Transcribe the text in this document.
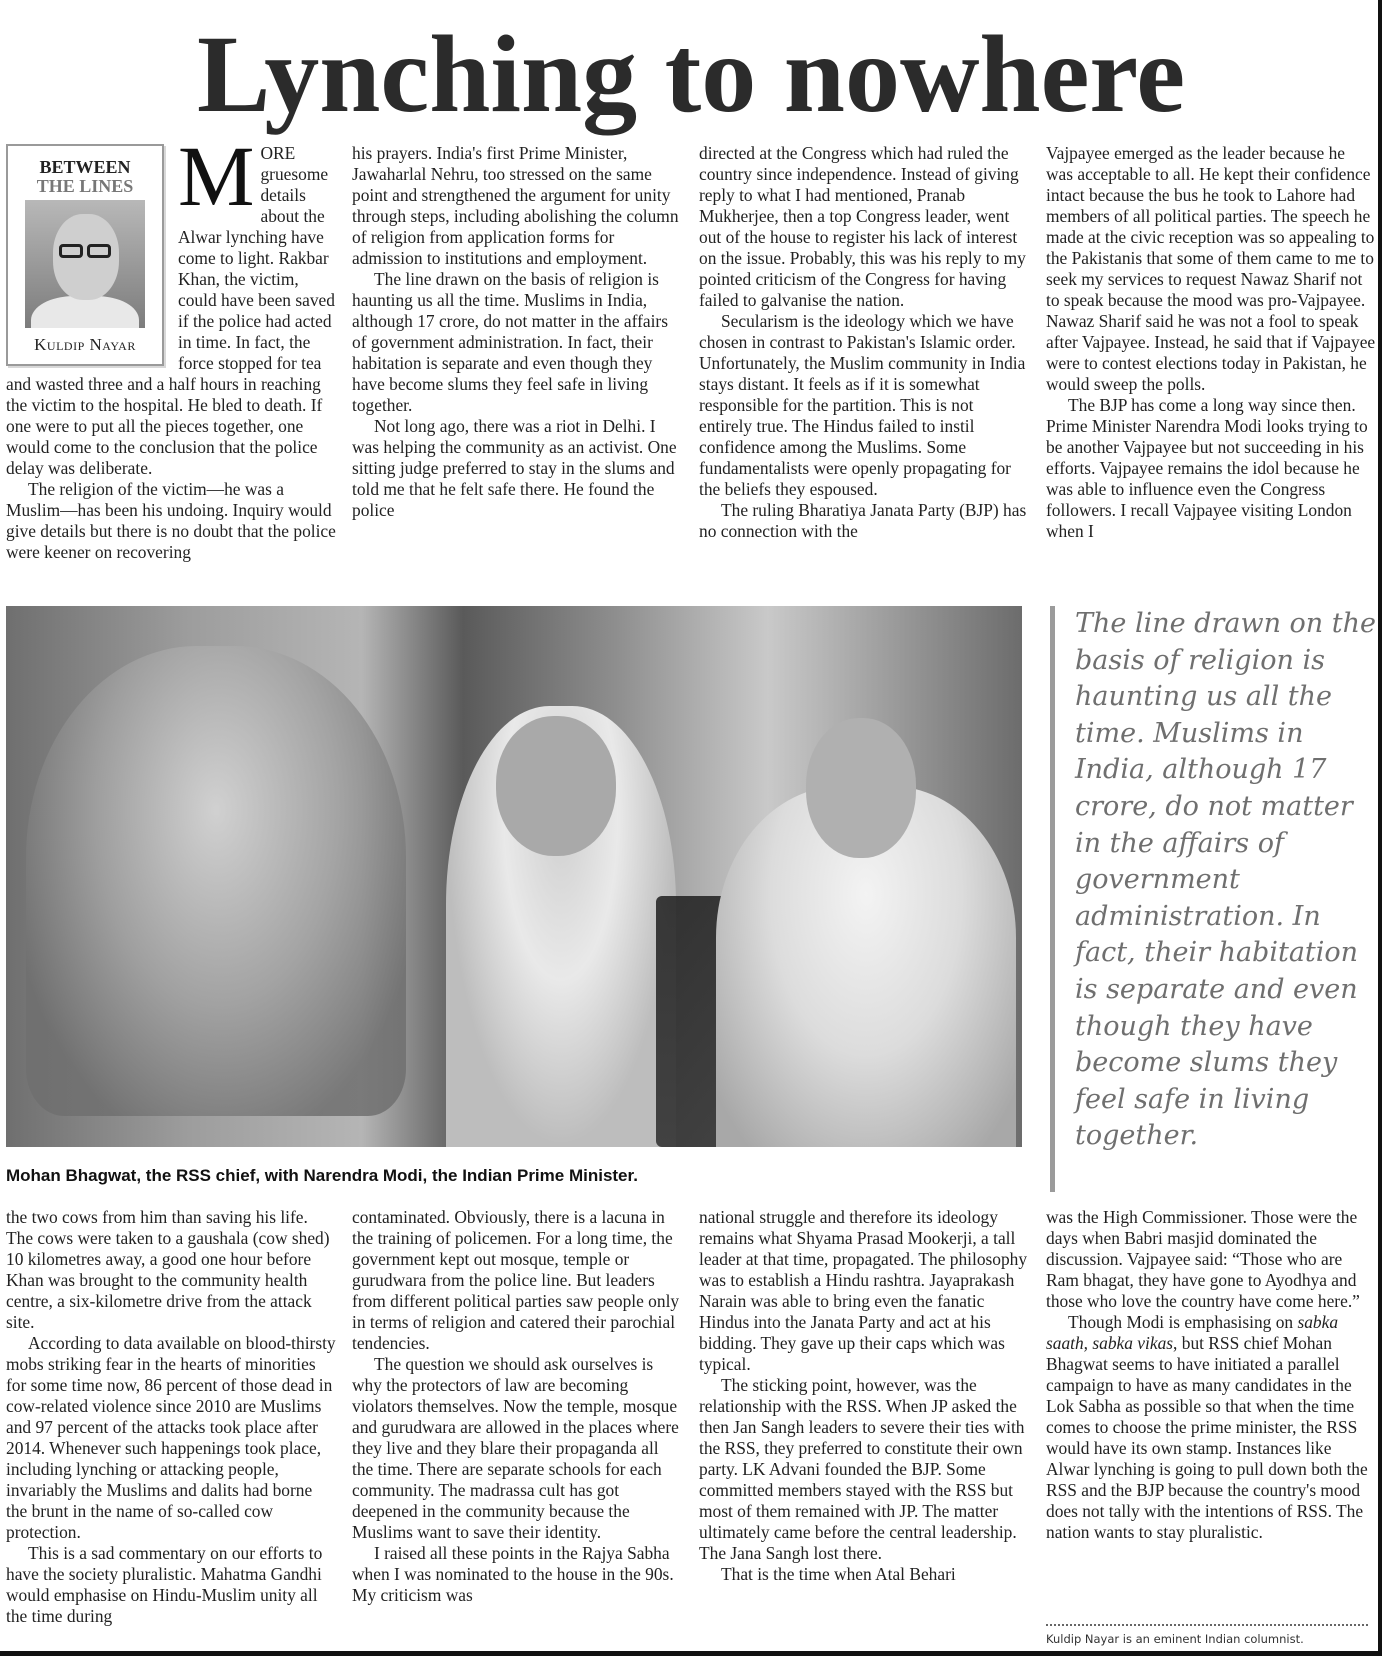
Lynching to nowhere
BETWEEN
THE LINES
Kuldip Nayar
M ORE gruesome details about the Alwar lynching have come to light. Rakbar Khan, the victim, could have been saved if the police had acted in time. In fact, the force stopped for tea and wasted three and a half hours in reaching the victim to the hospital. He bled to death. If one were to put all the pieces together, one would come to the conclusion that the police delay was deliberate.

The religion of the victim—he was a Muslim—has been his undoing. Inquiry would give details but there is no doubt that the police were keener on recovering

his prayers. India's first Prime Minister, Jawaharlal Nehru, too stressed on the same point and strengthened the argument for unity through steps, including abolishing the column of religion from application forms for admission to institutions and employment.

The line drawn on the basis of religion is haunting us all the time. Muslims in India, although 17 crore, do not matter in the affairs of government administration. In fact, their habitation is separate and even though they have become slums they feel safe in living together.

Not long ago, there was a riot in Delhi. I was helping the community as an activist. One sitting judge preferred to stay in the slums and told me that he felt safe there. He found the police

directed at the Congress which had ruled the country since independence. Instead of giving reply to what I had mentioned, Pranab Mukherjee, then a top Congress leader, went out of the house to register his lack of interest on the issue. Probably, this was his reply to my pointed criticism of the Congress for having failed to galvanise the nation.

Secularism is the ideology which we have chosen in contrast to Pakistan's Islamic order. Unfortunately, the Muslim community in India stays distant. It feels as if it is somewhat responsible for the partition. This is not entirely true. The Hindus failed to instil confidence among the Muslims. Some fundamentalists were openly propagating for the beliefs they espoused.

The ruling Bharatiya Janata Party (BJP) has no connection with the

Vajpayee emerged as the leader because he was acceptable to all. He kept their confidence intact because the bus he took to Lahore had members of all political parties. The speech he made at the civic reception was so appealing to the Pakistanis that some of them came to me to seek my services to request Nawaz Sharif not to speak because the mood was pro-Vajpayee. Nawaz Sharif said he was not a fool to speak after Vajpayee. Instead, he said that if Vajpayee were to contest elections today in Pakistan, he would sweep the polls.

The BJP has come a long way since then. Prime Minister Narendra Modi looks trying to be another Vajpayee but not succeeding in his efforts. Vajpayee remains the idol because he was able to influence even the Congress followers. I recall Vajpayee visiting London when I

Mohan Bhagwat, the RSS chief, with Narendra Modi, the Indian Prime Minister.
The line drawn on the basis of religion is haunting us all the time. Muslims in India, although 17 crore, do not matter in the affairs of government administration. In fact, their habitation is separate and even though they have become slums they feel safe in living together.

the two cows from him than saving his life. The cows were taken to a gaushala (cow shed) 10 kilometres away, a good one hour before Khan was brought to the community health centre, a six-kilometre drive from the attack site.

According to data available on blood-thirsty mobs striking fear in the hearts of minorities for some time now, 86 percent of those dead in cow-related violence since 2010 are Muslims and 97 percent of the attacks took place after 2014. Whenever such happenings took place, including lynching or attacking people, invariably the Muslims and dalits had borne the brunt in the name of so-called cow protection.

This is a sad commentary on our efforts to have the society pluralistic. Mahatma Gandhi would emphasise on Hindu-Muslim unity all the time during

contaminated. Obviously, there is a lacuna in the training of policemen. For a long time, the government kept out mosque, temple or gurudwara from the police line. But leaders from different political parties saw people only in terms of religion and catered their parochial tendencies.

The question we should ask ourselves is why the protectors of law are becoming violators themselves. Now the temple, mosque and gurudwara are allowed in the places where they live and they blare their propaganda all the time. There are separate schools for each community. The madrassa cult has got deepened in the community because the Muslims want to save their identity.

I raised all these points in the Rajya Sabha when I was nominated to the house in the 90s. My criticism was

national struggle and therefore its ideology remains what Shyama Prasad Mookerji, a tall leader at that time, propagated. The philosophy was to establish a Hindu rashtra. Jayaprakash Narain was able to bring even the fanatic Hindus into the Janata Party and act at his bidding. They gave up their caps which was typical.

The sticking point, however, was the relationship with the RSS. When JP asked the then Jan Sangh leaders to severe their ties with the RSS, they preferred to constitute their own party. LK Advani founded the BJP. Some committed members stayed with the RSS but most of them remained with JP. The matter ultimately came before the central leadership. The Jana Sangh lost there.

That is the time when Atal Behari

was the High Commissioner. Those were the days when Babri masjid dominated the discussion. Vajpayee said: “Those who are Ram bhagat, they have gone to Ayodhya and those who love the country have come here.”

Though Modi is emphasising on sabka saath, sabka vikas, but RSS chief Mohan Bhagwat seems to have initiated a parallel campaign to have as many candidates in the Lok Sabha as possible so that when the time comes to choose the prime minister, the RSS would have its own stamp. Instances like Alwar lynching is going to pull down both the RSS and the BJP because the country's mood does not tally with the intentions of RSS. The nation wants to stay pluralistic.

Kuldip Nayar is an eminent Indian columnist.
